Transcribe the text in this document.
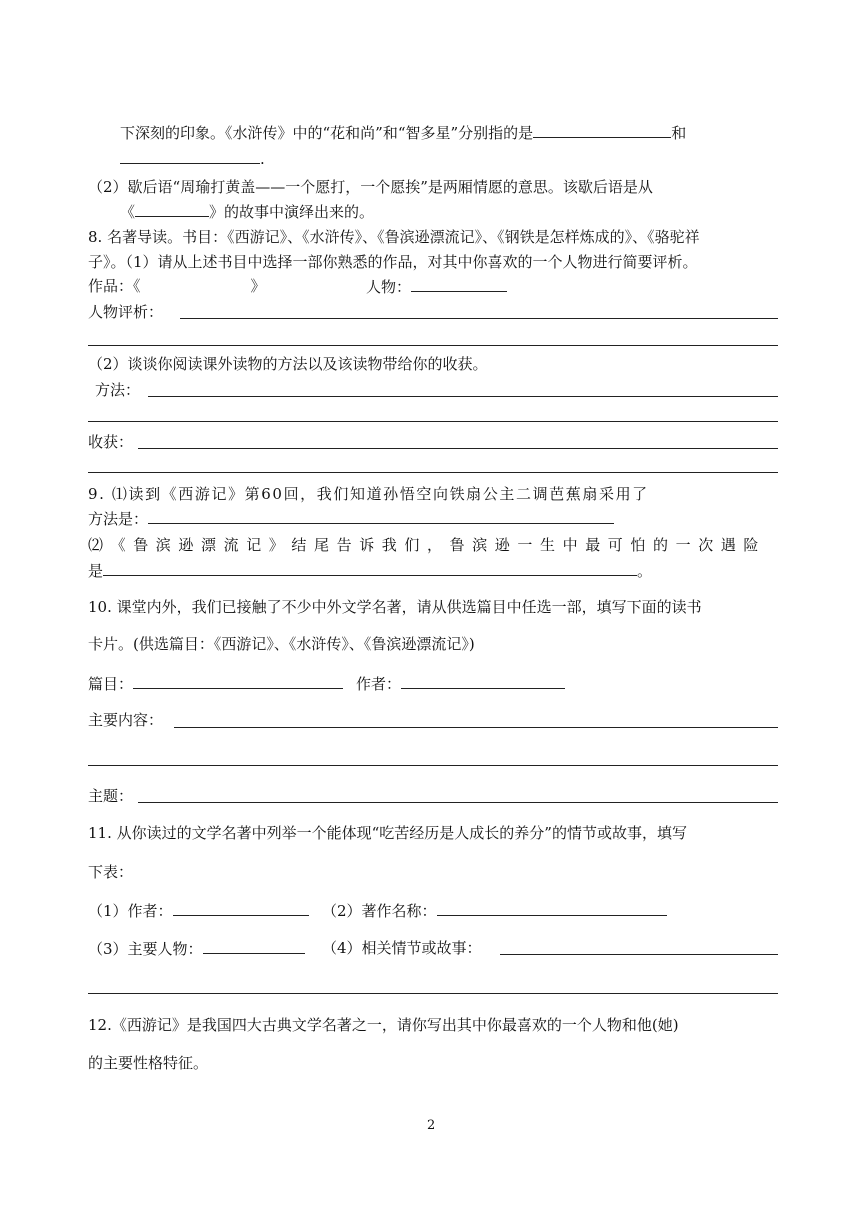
下深刻的印象。《水浒传》中的“花和尚”和“智多星”分别指的是	和
.
（2）歇后语“周瑜打黄盖——一个愿打，一个愿挨”是两厢情愿的意思。该歇后语是从
《	》的故事中演绎出来的。
8. 名著导读。书目：《西游记》、《水浒传》、《鲁滨逊漂流记》、《钢铁是怎样炼成的》、《骆驼祥
子》。（1）请从上述书目中选择一部你熟悉的作品，对其中你喜欢的一个人物进行简要评析。
作品：《	》	人物：
人物评析：
（2）谈谈你阅读课外读物的方法以及该读物带给你的收获。
方法：
收获：
9. ⑴读到《西游记》第60回，我们知道孙悟空向铁扇公主二调芭蕉扇采用了
方法是：
⑵《鲁滨逊漂流记》结尾告诉我们，鲁滨逊一生中最可怕的一次遇险
是	。
10. 课堂内外，我们已接触了不少中外文学名著，请从供选篇目中任选一部，填写下面的读书
卡片。(供选篇目：《西游记》、《水浒传》、《鲁滨逊漂流记》)
篇目：	作者：
主要内容：
主题：
11. 从你读过的文学名著中列举一个能体现“吃苦经历是人成长的养分”的情节或故事，填写
下表：
（1）作者：	（2）著作名称：
（3）主要人物：	（4）相关情节或故事：
12.《西游记》是我国四大古典文学名著之一，请你写出其中你最喜欢的一个人物和他(她)
的主要性格特征。
2
